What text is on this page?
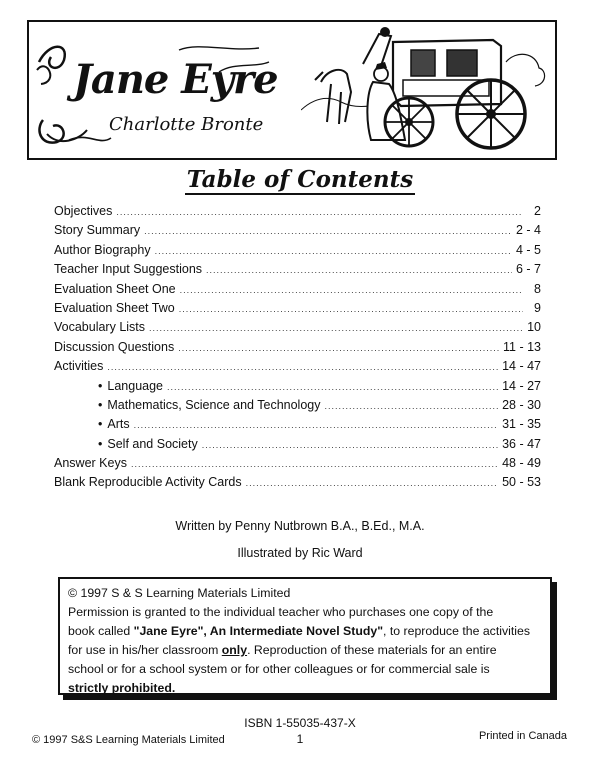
Jane Eyre
Charlotte Bronte
Table of Contents
Objectives .....	2
Story Summary .....	2 - 4
Author Biography .....	4 - 5
Teacher Input Suggestions .....	6 - 7
Evaluation Sheet One .....	8
Evaluation Sheet Two .....	9
Vocabulary Lists .....	10
Discussion Questions .....	11 - 13
Activities .....	14 - 47
• Language .....	14 - 27
• Mathematics, Science and Technology .....	28 - 30
• Arts .....	31 - 35
• Self and Society .....	36 - 47
Answer Keys .....	48 - 49
Blank Reproducible Activity Cards .....	50 - 53
Written by Penny Nutbrown B.A., B.Ed., M.A.
Illustrated by Ric Ward
© 1997 S & S Learning Materials Limited
Permission is granted to the individual teacher who purchases one copy of the
book called "Jane Eyre", An Intermediate Novel Study", to reproduce the activities
for use in his/her classroom only. Reproduction of these materials for an entire
school or for a school system or for other colleagues or for commercial sale is
strictly prohibited.
ISBN 1-55035-437-X
© 1997 S&S Learning Materials Limited	1	Printed in Canada
